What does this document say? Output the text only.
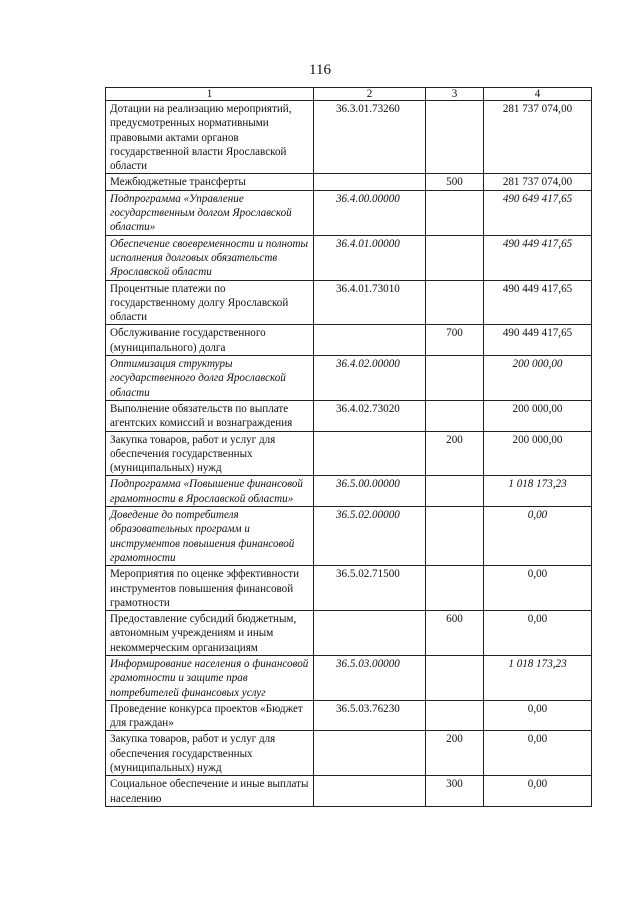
116
1	2	3	4
Дотации на реализацию мероприятий, предусмотренных нормативными правовыми актами органов государственной власти Ярославской области	36.3.01.73260		281 737 074,00
Межбюджетные трансферты		500	281 737 074,00
Подпрограмма «Управление государственным долгом Ярославской области»	36.4.00.00000		490 649 417,65
Обеспечение своевременности и полноты исполнения долговых обязательств Ярославской области	36.4.01.00000		490 449 417,65
Процентные платежи по государственному долгу Ярославской области	36.4.01.73010		490 449 417,65
Обслуживание государственного (муниципального) долга		700	490 449 417,65
Оптимизация структуры государственного долга Ярославской области	36.4.02.00000		200 000,00
Выполнение обязательств по выплате агентских комиссий и вознаграждения	36.4.02.73020		200 000,00
Закупка товаров, работ и услуг для обеспечения государственных (муниципальных) нужд		200	200 000,00
Подпрограмма «Повышение финансовой грамотности в Ярославской области»	36.5.00.00000		1 018 173,23
Доведение до потребителя образовательных программ и инструментов повышения финансовой грамотности	36.5.02.00000		0,00
Мероприятия по оценке эффективности инструментов повышения финансовой грамотности	36.5.02.71500		0,00
Предоставление субсидий бюджетным, автономным учреждениям и иным некоммерческим организациям		600	0,00
Информирование населения о финансовой грамотности и защите прав потребителей финансовых услуг	36.5.03.00000		1 018 173,23
Проведение конкурса проектов «Бюджет для граждан»	36.5.03.76230		0,00
Закупка товаров, работ и услуг для обеспечения государственных (муниципальных) нужд		200	0,00
Социальное обеспечение и иные выплаты населению		300	0,00
